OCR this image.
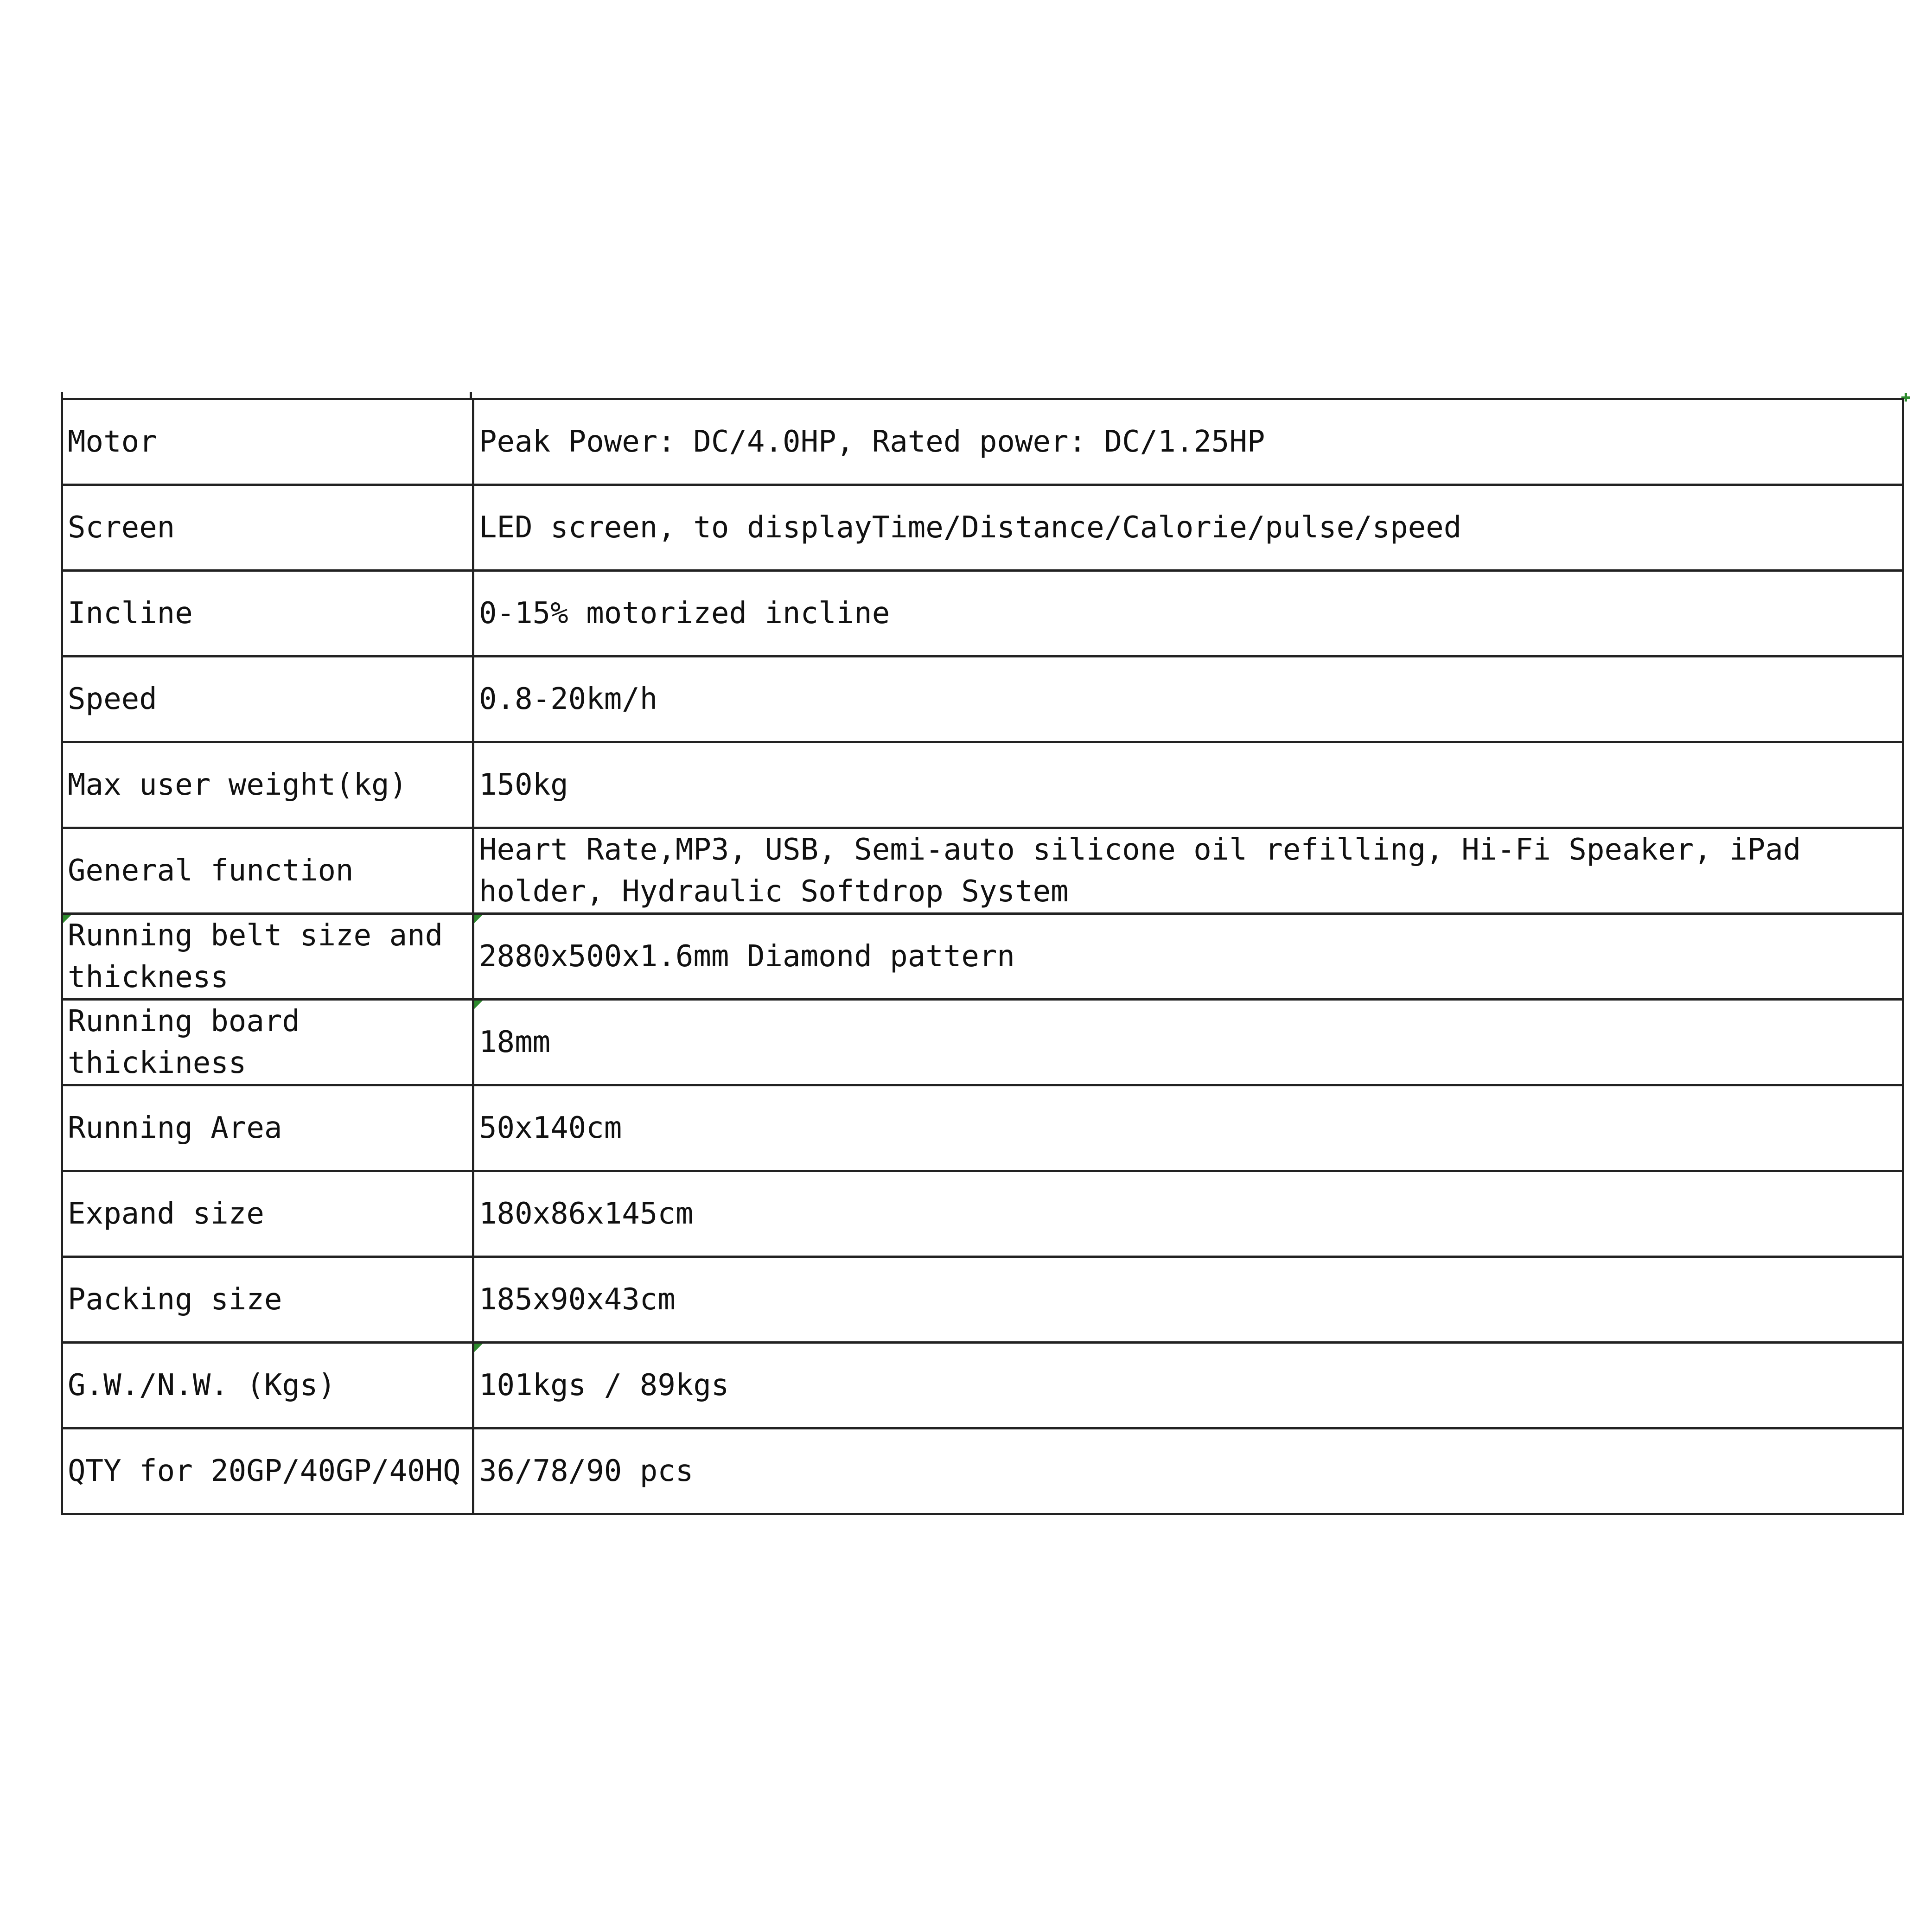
Motor	Peak Power: DC/4.0HP, Rated power: DC/1.25HP
Screen	LED screen, to displayTime/Distance/Calorie/pulse/speed
Incline	0-15% motorized incline
Speed	0.8-20km/h
Max user weight(kg)	150kg
General function	Heart Rate,MP3, USB, Semi-auto silicone oil refilling, Hi-Fi Speaker, iPad holder, Hydraulic Softdrop System

Running belt size and thickness	2880x500x1.6mm Diamond pattern
Running board thickiness	18mm
Running Area	50x140cm
Expand size	180x86x145cm
Packing size	185x90x43cm
G.W./N.W. (Kgs)	101kgs / 89kgs
QTY for 20GP/40GP/40HQ	36/78/90 pcs
